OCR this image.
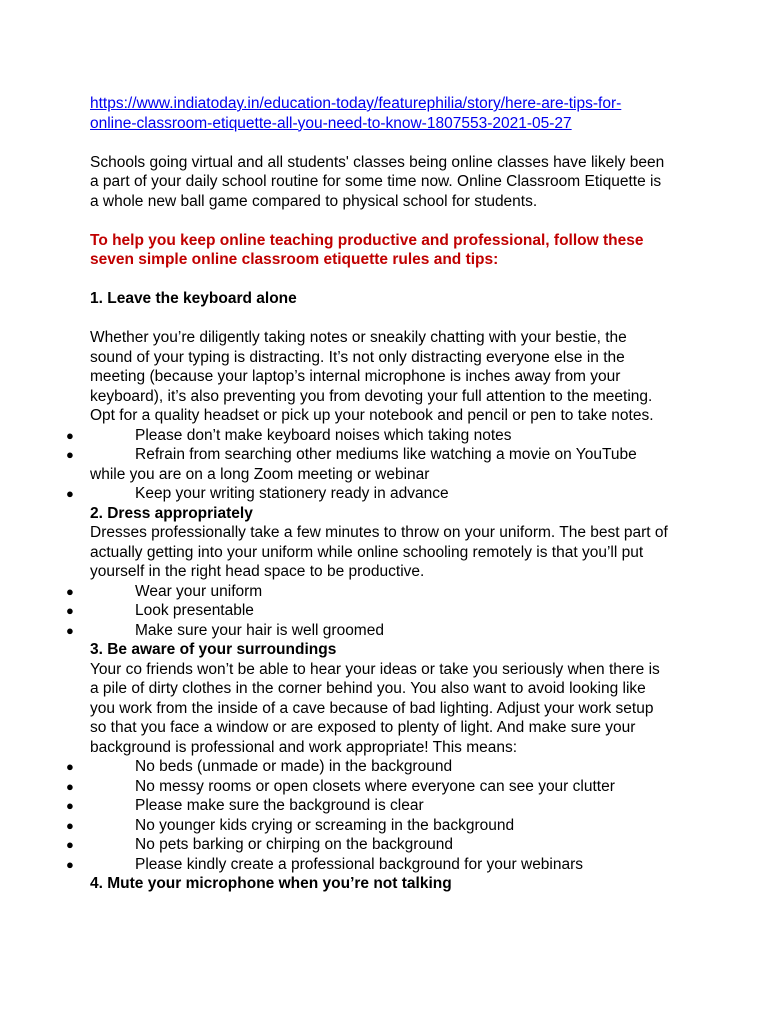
https://www.indiatoday.in/education-today/featurephilia/story/here-are-tips-for-
online-classroom-etiquette-all-you-need-to-know-1807553-2021-05-27

Schools going virtual and all students' classes being online classes have likely been a part of your daily school routine for some time now. Online Classroom Etiquette is a whole new ball game compared to physical school for students.

To help you keep online teaching productive and professional, follow these seven simple online classroom etiquette rules and tips:

1. Leave the keyboard alone

Whether you’re diligently taking notes or sneakily chatting with your bestie, the sound of your typing is distracting. It’s not only distracting everyone else in the meeting (because your laptop’s internal microphone is inches away from your keyboard), it’s also preventing you from devoting your full attention to the meeting. Opt for a quality headset or pick up your notebook and pencil or pen to take notes.

●	Please don’t make keyboard noises which taking notes
●	Refrain from searching other mediums like watching a movie on YouTube while you are on a long Zoom meeting or webinar
●	Keep your writing stationery ready in advance

2. Dress appropriately

Dresses professionally take a few minutes to throw on your uniform. The best part of actually getting into your uniform while online schooling remotely is that you’ll put yourself in the right head space to be productive.

●	Wear your uniform
●	Look presentable
●	Make sure your hair is well groomed

3. Be aware of your surroundings

Your co friends won’t be able to hear your ideas or take you seriously when there is a pile of dirty clothes in the corner behind you. You also want to avoid looking like you work from the inside of a cave because of bad lighting. Adjust your work setup so that you face a window or are exposed to plenty of light. And make sure your background is professional and work appropriate! This means:

●	No beds (unmade or made) in the background
●	No messy rooms or open closets where everyone can see your clutter
●	Please make sure the background is clear
●	No younger kids crying or screaming in the background
●	No pets barking or chirping on the background
●	Please kindly create a professional background for your webinars

4. Mute your microphone when you’re not talking
